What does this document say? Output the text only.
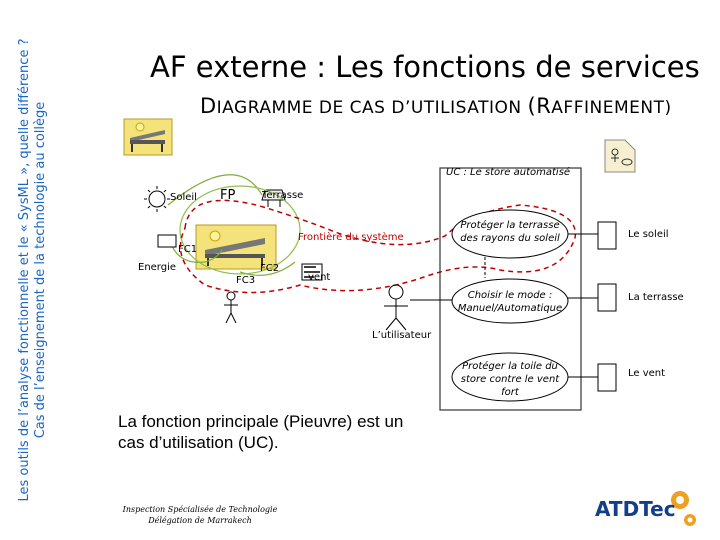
Les outils de l’analyse fonctionnelle et le « SysML », quelle différence ? Cas de l’enseignement de la technologie au collège
AF externe : Les fonctions de services
DIAGRAMME DE CAS D’UTILISATION (RAFFINEMENT)
Soleil FP	Terrasse
FC1
Energie	FC2
FC3	vent
Frontière du système
UC : Le store automatisé
Protéger la terrasse des rayons du soleil
Choisir le mode : Manuel/Automatique
Protéger la toile du store contre le vent fort
L’utilisateur
Le soleil
La terrasse
Le vent
La fonction principale (Pieuvre) est un cas d’utilisation (UC).
Inspection Spécialisée de Technologie
Délégation de Marrakech	ATDTec
